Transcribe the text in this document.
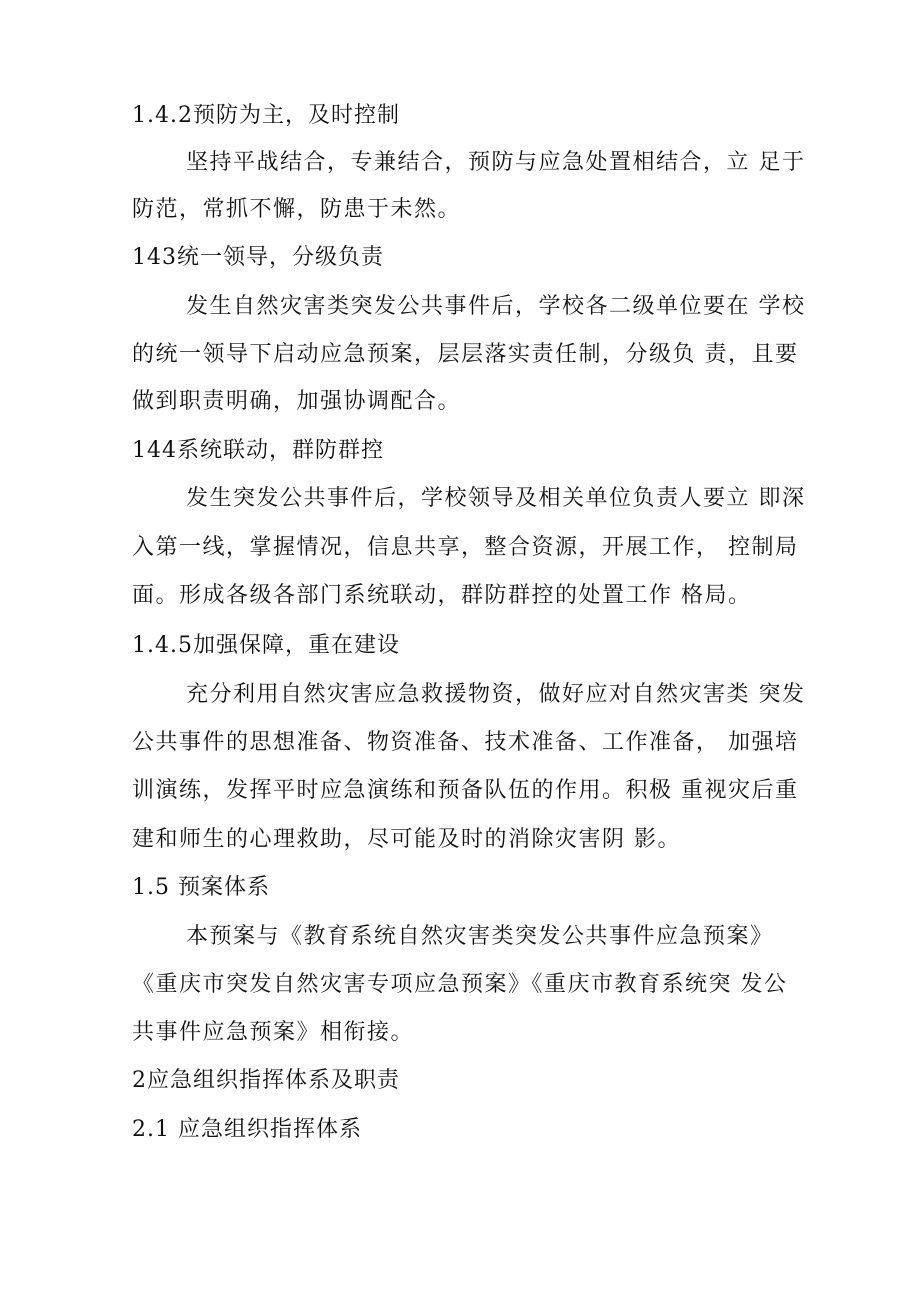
1.4.2预防为主，及时控制
坚持平战结合，专兼结合，预防与应急处置相结合，立 足于
防范，常抓不懈，防患于未然。
143统一领导，分级负责
发生自然灾害类突发公共事件后，学校各二级单位要在 学校
的统一领导下启动应急预案，层层落实责任制，分级负 责，且要
做到职责明确，加强协调配合。
144系统联动，群防群控
发生突发公共事件后，学校领导及相关单位负责人要立 即深
入第一线，掌握情况，信息共享，整合资源，开展工作， 控制局
面。形成各级各部门系统联动，群防群控的处置工作 格局。
1.4.5加强保障，重在建设
充分利用自然灾害应急救援物资，做好应对自然灾害类 突发
公共事件的思想准备、物资准备、技术准备、工作准备， 加强培
训演练，发挥平时应急演练和预备队伍的作用。积极 重视灾后重
建和师生的心理救助，尽可能及时的消除灾害阴 影。
1.5 预案体系
本预案与《教育系统自然灾害类突发公共事件应急预案》
《重庆市突发自然灾害专项应急预案》《重庆市教育系统突 发公
共事件应急预案》相衔接。
2应急组织指挥体系及职责
2.1 应急组织指挥体系
